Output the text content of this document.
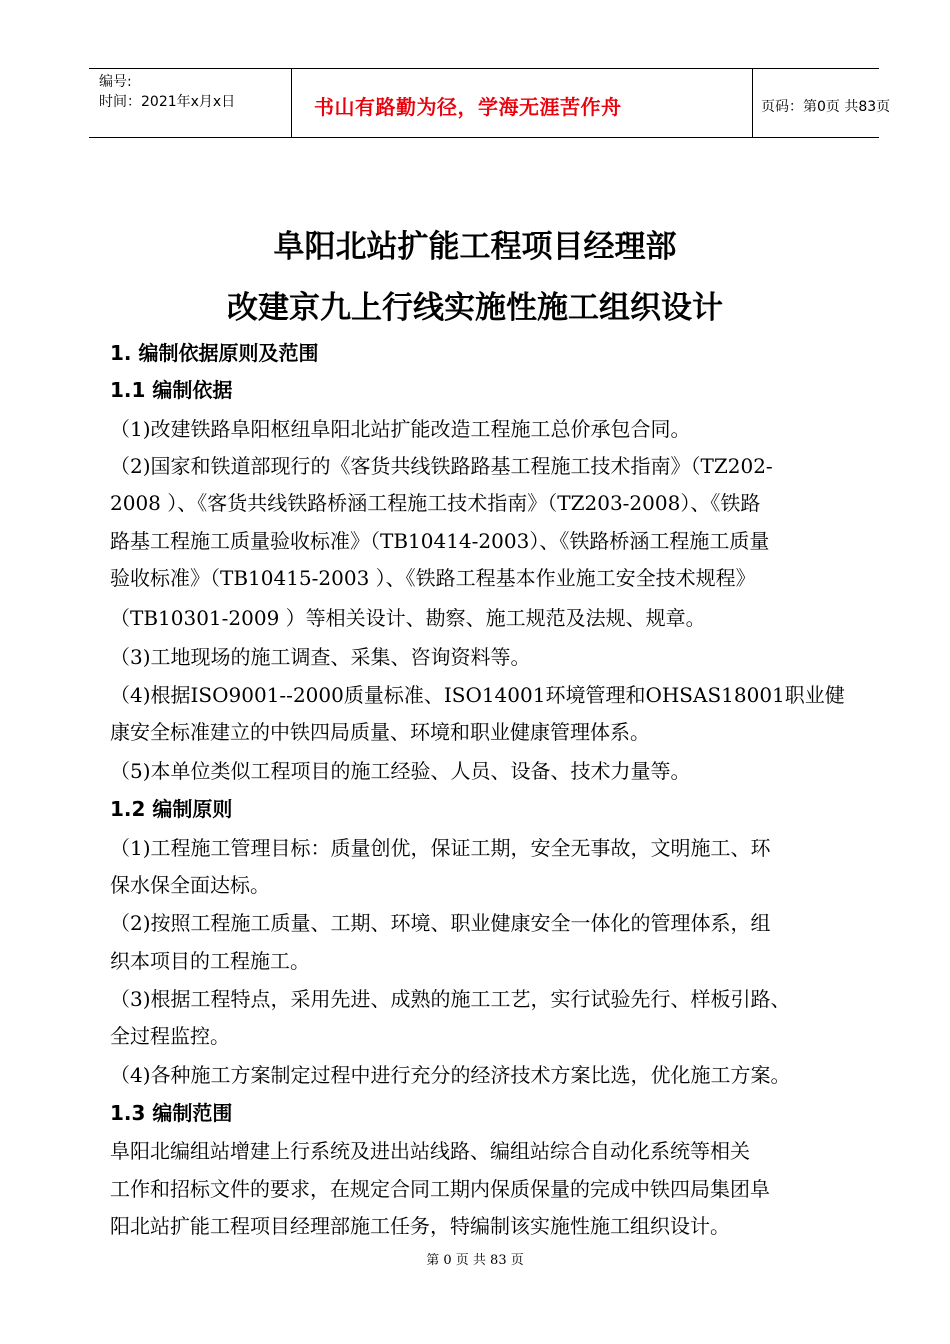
编号:
时间：2021年x月x日	书山有路勤为径，学海无涯苦作舟	页码：第0页 共83页
阜阳北站扩能工程项目经理部
改建京九上行线实施性施工组织设计
1. 编制依据原则及范围
1.1 编制依据
（1)改建铁路阜阳枢纽阜阳北站扩能改造工程施工总价承包合同。
（2)国家和铁道部现行的《客货共线铁路路基工程施工技术指南》（TZ202-
2008 ）、《客货共线铁路桥涵工程施工技术指南》（TZ203-2008）、《铁路
路基工程施工质量验收标准》（TB10414-2003）、《铁路桥涵工程施工质量
验收标准》（TB10415-2003 ）、《铁路工程基本作业施工安全技术规程》
（TB10301-2009 ）等相关设计、勘察、施工规范及法规、规章。
（3)工地现场的施工调查、采集、咨询资料等。
（4)根据ISO9001--2000质量标准、ISO14001环境管理和OHSAS18001职业健
康安全标准建立的中铁四局质量、环境和职业健康管理体系。
（5)本单位类似工程项目的施工经验、人员、设备、技术力量等。
1.2 编制原则
（1)工程施工管理目标：质量创优，保证工期，安全无事故，文明施工、环
保水保全面达标。
（2)按照工程施工质量、工期、环境、职业健康安全一体化的管理体系，组
织本项目的工程施工。
（3)根据工程特点，采用先进、成熟的施工工艺，实行试验先行、样板引路、
全过程监控。
（4)各种施工方案制定过程中进行充分的经济技术方案比选，优化施工方案。
1.3 编制范围
阜阳北编组站增建上行系统及进出站线路、编组站综合自动化系统等相关
工作和招标文件的要求，在规定合同工期内保质保量的完成中铁四局集团阜
阳北站扩能工程项目经理部施工任务，特编制该实施性施工组织设计。
第 0 页 共 83 页
